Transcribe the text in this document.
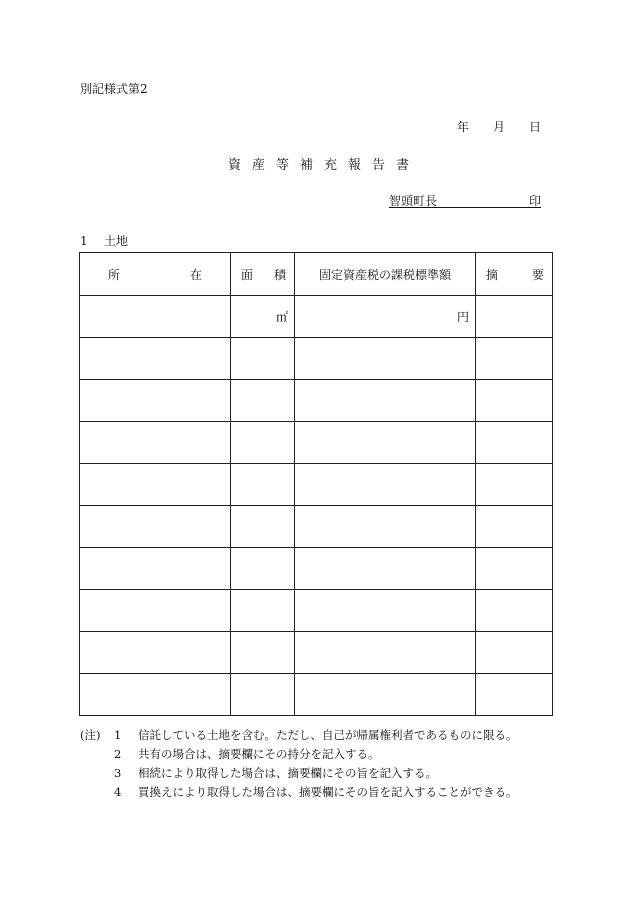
別記様式第2
年 月 日
資産等補充報告書
智頭町長	印
1 土地
所 在	面 積	固定資産税の課税標準額	摘 要

	㎡	円	

(注)	1	信託している土地を含む。ただし、自己が帰属権利者であるものに限る。
2	共有の場合は、摘要欄にその持分を記入する。
3	相続により取得した場合は、摘要欄にその旨を記入する。
4	買換えにより取得した場合は、摘要欄にその旨を記入することができる。
